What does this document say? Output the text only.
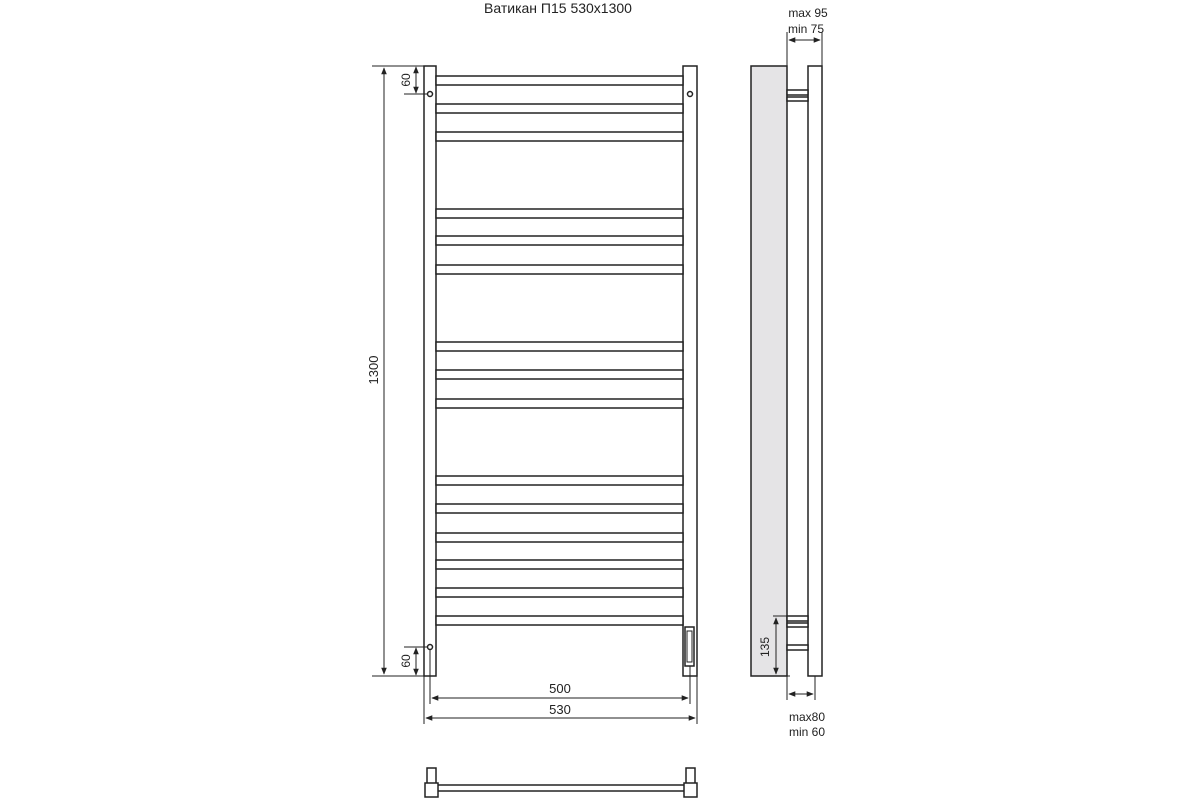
Ватикан П15 530x1300
1300
60
60
500
530
max 95
min 75
135
max80
min 60
